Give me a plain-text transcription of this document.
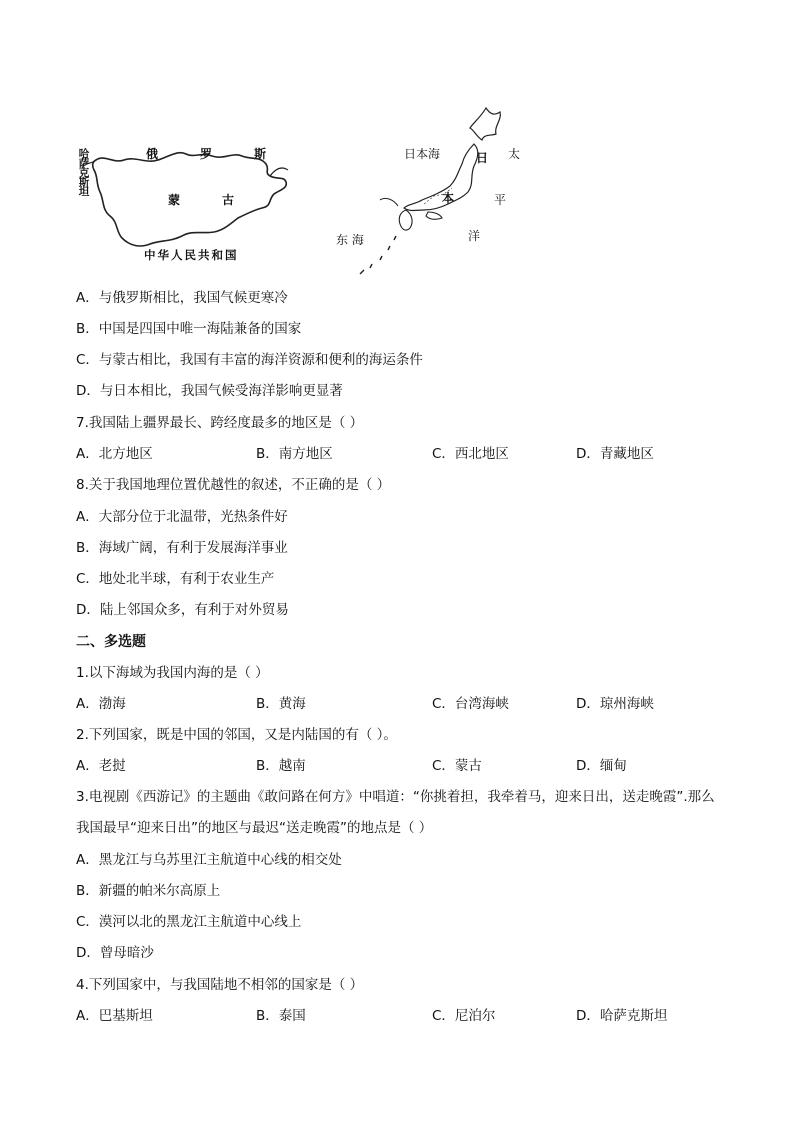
哈萨克斯坦	俄	罗	斯
蒙	古
中华人民共和国
日本海	日
本
太
平
洋
东 海
A．与俄罗斯相比，我国气候更寒冷
B．中国是四国中唯一海陆兼备的国家
C．与蒙古相比，我国有丰富的海洋资源和便利的海运条件
D．与日本相比，我国气候受海洋影响更显著
7.我国陆上疆界最长、跨经度最多的地区是（ ）
A．北方地区	B．南方地区	C．西北地区	D．青藏地区
8.关于我国地理位置优越性的叙述，不正确的是（ ）
A．大部分位于北温带，光热条件好
B．海域广阔，有利于发展海洋事业
C．地处北半球，有利于农业生产
D．陆上邻国众多，有利于对外贸易
二、多选题
1.以下海域为我国内海的是（ ）
A．渤海	B．黄海	C．台湾海峡	D．琼州海峡
2.下列国家，既是中国的邻国，又是内陆国的有（ ）。
A．老挝	B．越南	C．蒙古	D．缅甸
3.电视剧《西游记》的主题曲《敢问路在何方》中唱道：“你挑着担，我牵着马，迎来日出，送走晚霞”.那么我国最早“迎来日出”的地区与最迟“送走晚霞”的地点是（ ）
A．黑龙江与乌苏里江主航道中心线的相交处
B．新疆的帕米尔高原上
C．漠河以北的黑龙江主航道中心线上
D．曾母暗沙
4.下列国家中，与我国陆地不相邻的国家是（ ）
A．巴基斯坦	B．泰国	C．尼泊尔	D．哈萨克斯坦
